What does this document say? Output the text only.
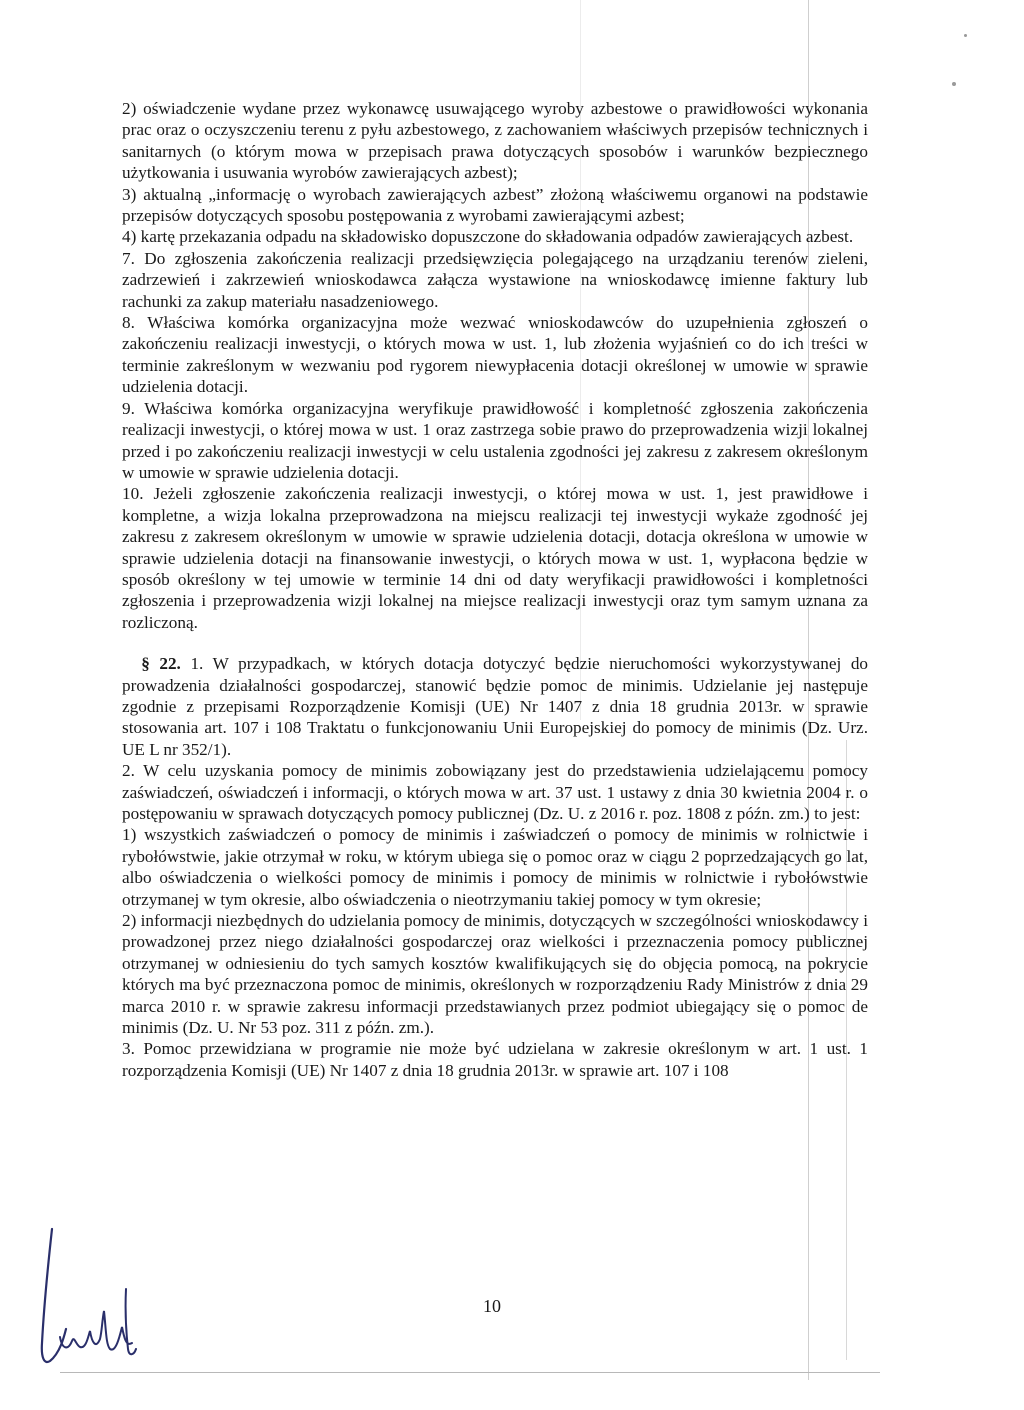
2) oświadczenie wydane przez wykonawcę usuwającego wyroby azbestowe o prawidłowości wykonania prac oraz o oczyszczeniu terenu z pyłu azbestowego, z zachowaniem właściwych przepisów technicznych i sanitarnych (o którym mowa w przepisach prawa dotyczących sposobów i warunków bezpiecznego użytkowania i usuwania wyrobów zawierających azbest);

3) aktualną „informację o wyrobach zawierających azbest” złożoną właściwemu organowi na podstawie przepisów dotyczących sposobu postępowania z wyrobami zawierającymi azbest;

4) kartę przekazania odpadu na składowisko dopuszczone do składowania odpadów zawierających azbest.

7. Do zgłoszenia zakończenia realizacji przedsięwzięcia polegającego na urządzaniu terenów zieleni, zadrzewień i zakrzewień wnioskodawca załącza wystawione na wnioskodawcę imienne faktury lub rachunki za zakup materiału nasadzeniowego.

8. Właściwa komórka organizacyjna może wezwać wnioskodawców do uzupełnienia zgłoszeń o zakończeniu realizacji inwestycji, o których mowa w ust. 1, lub złożenia wyjaśnień co do ich treści w terminie zakreślonym w wezwaniu pod rygorem niewypłacenia dotacji określonej w umowie w sprawie udzielenia dotacji.

9. Właściwa komórka organizacyjna weryfikuje prawidłowość i kompletność zgłoszenia zakończenia realizacji inwestycji, o której mowa w ust. 1 oraz zastrzega sobie prawo do przeprowadzenia wizji lokalnej przed i po zakończeniu realizacji inwestycji w celu ustalenia zgodności jej zakresu z zakresem określonym w umowie w sprawie udzielenia dotacji.

10. Jeżeli zgłoszenie zakończenia realizacji inwestycji, o której mowa w ust. 1, jest prawidłowe i kompletne, a wizja lokalna przeprowadzona na miejscu realizacji tej inwestycji wykaże zgodność jej zakresu z zakresem określonym w umowie w sprawie udzielenia dotacji, dotacja określona w umowie w sprawie udzielenia dotacji na finansowanie inwestycji, o których mowa w ust. 1, wypłacona będzie w sposób określony w tej umowie w terminie 14 dni od daty weryfikacji prawidłowości i kompletności zgłoszenia i przeprowadzenia wizji lokalnej na miejsce realizacji inwestycji oraz tym samym uznana za rozliczoną.

§ 22. 1. W przypadkach, w których dotacja dotyczyć będzie nieruchomości wykorzystywanej do prowadzenia działalności gospodarczej, stanowić będzie pomoc de minimis. Udzielanie jej następuje zgodnie z przepisami Rozporządzenie Komisji (UE) Nr 1407 z dnia 18 grudnia 2013r. w sprawie stosowania art. 107 i 108 Traktatu o funkcjonowaniu Unii Europejskiej do pomocy de minimis (Dz. Urz. UE L nr 352/1).

2. W celu uzyskania pomocy de minimis zobowiązany jest do przedstawienia udzielającemu pomocy zaświadczeń, oświadczeń i informacji, o których mowa w art. 37 ust. 1 ustawy z dnia 30 kwietnia 2004 r. o postępowaniu w sprawach dotyczących pomocy publicznej (Dz. U. z 2016 r. poz. 1808 z późn. zm.) to jest:

1) wszystkich zaświadczeń o pomocy de minimis i zaświadczeń o pomocy de minimis w rolnictwie i rybołówstwie, jakie otrzymał w roku, w którym ubiega się o pomoc oraz w ciągu 2 poprzedzających go lat, albo oświadczenia o wielkości pomocy de minimis i pomocy de minimis w rolnictwie i rybołówstwie otrzymanej w tym okresie, albo oświadczenia o nieotrzymaniu takiej pomocy w tym okresie;

2) informacji niezbędnych do udzielania pomocy de minimis, dotyczących w szczególności wnioskodawcy i prowadzonej przez niego działalności gospodarczej oraz wielkości i przeznaczenia pomocy publicznej otrzymanej w odniesieniu do tych samych kosztów kwalifikujących się do objęcia pomocą, na pokrycie których ma być przeznaczona pomoc de minimis, określonych w rozporządzeniu Rady Ministrów z dnia 29 marca 2010 r. w sprawie zakresu informacji przedstawianych przez podmiot ubiegający się o pomoc de minimis (Dz. U. Nr 53 poz. 311 z późn. zm.).

3. Pomoc przewidziana w programie nie może być udzielana w zakresie określonym w art. 1 ust. 1 rozporządzenia Komisji (UE) Nr 1407 z dnia 18 grudnia 2013r. w sprawie art. 107 i 108

10
